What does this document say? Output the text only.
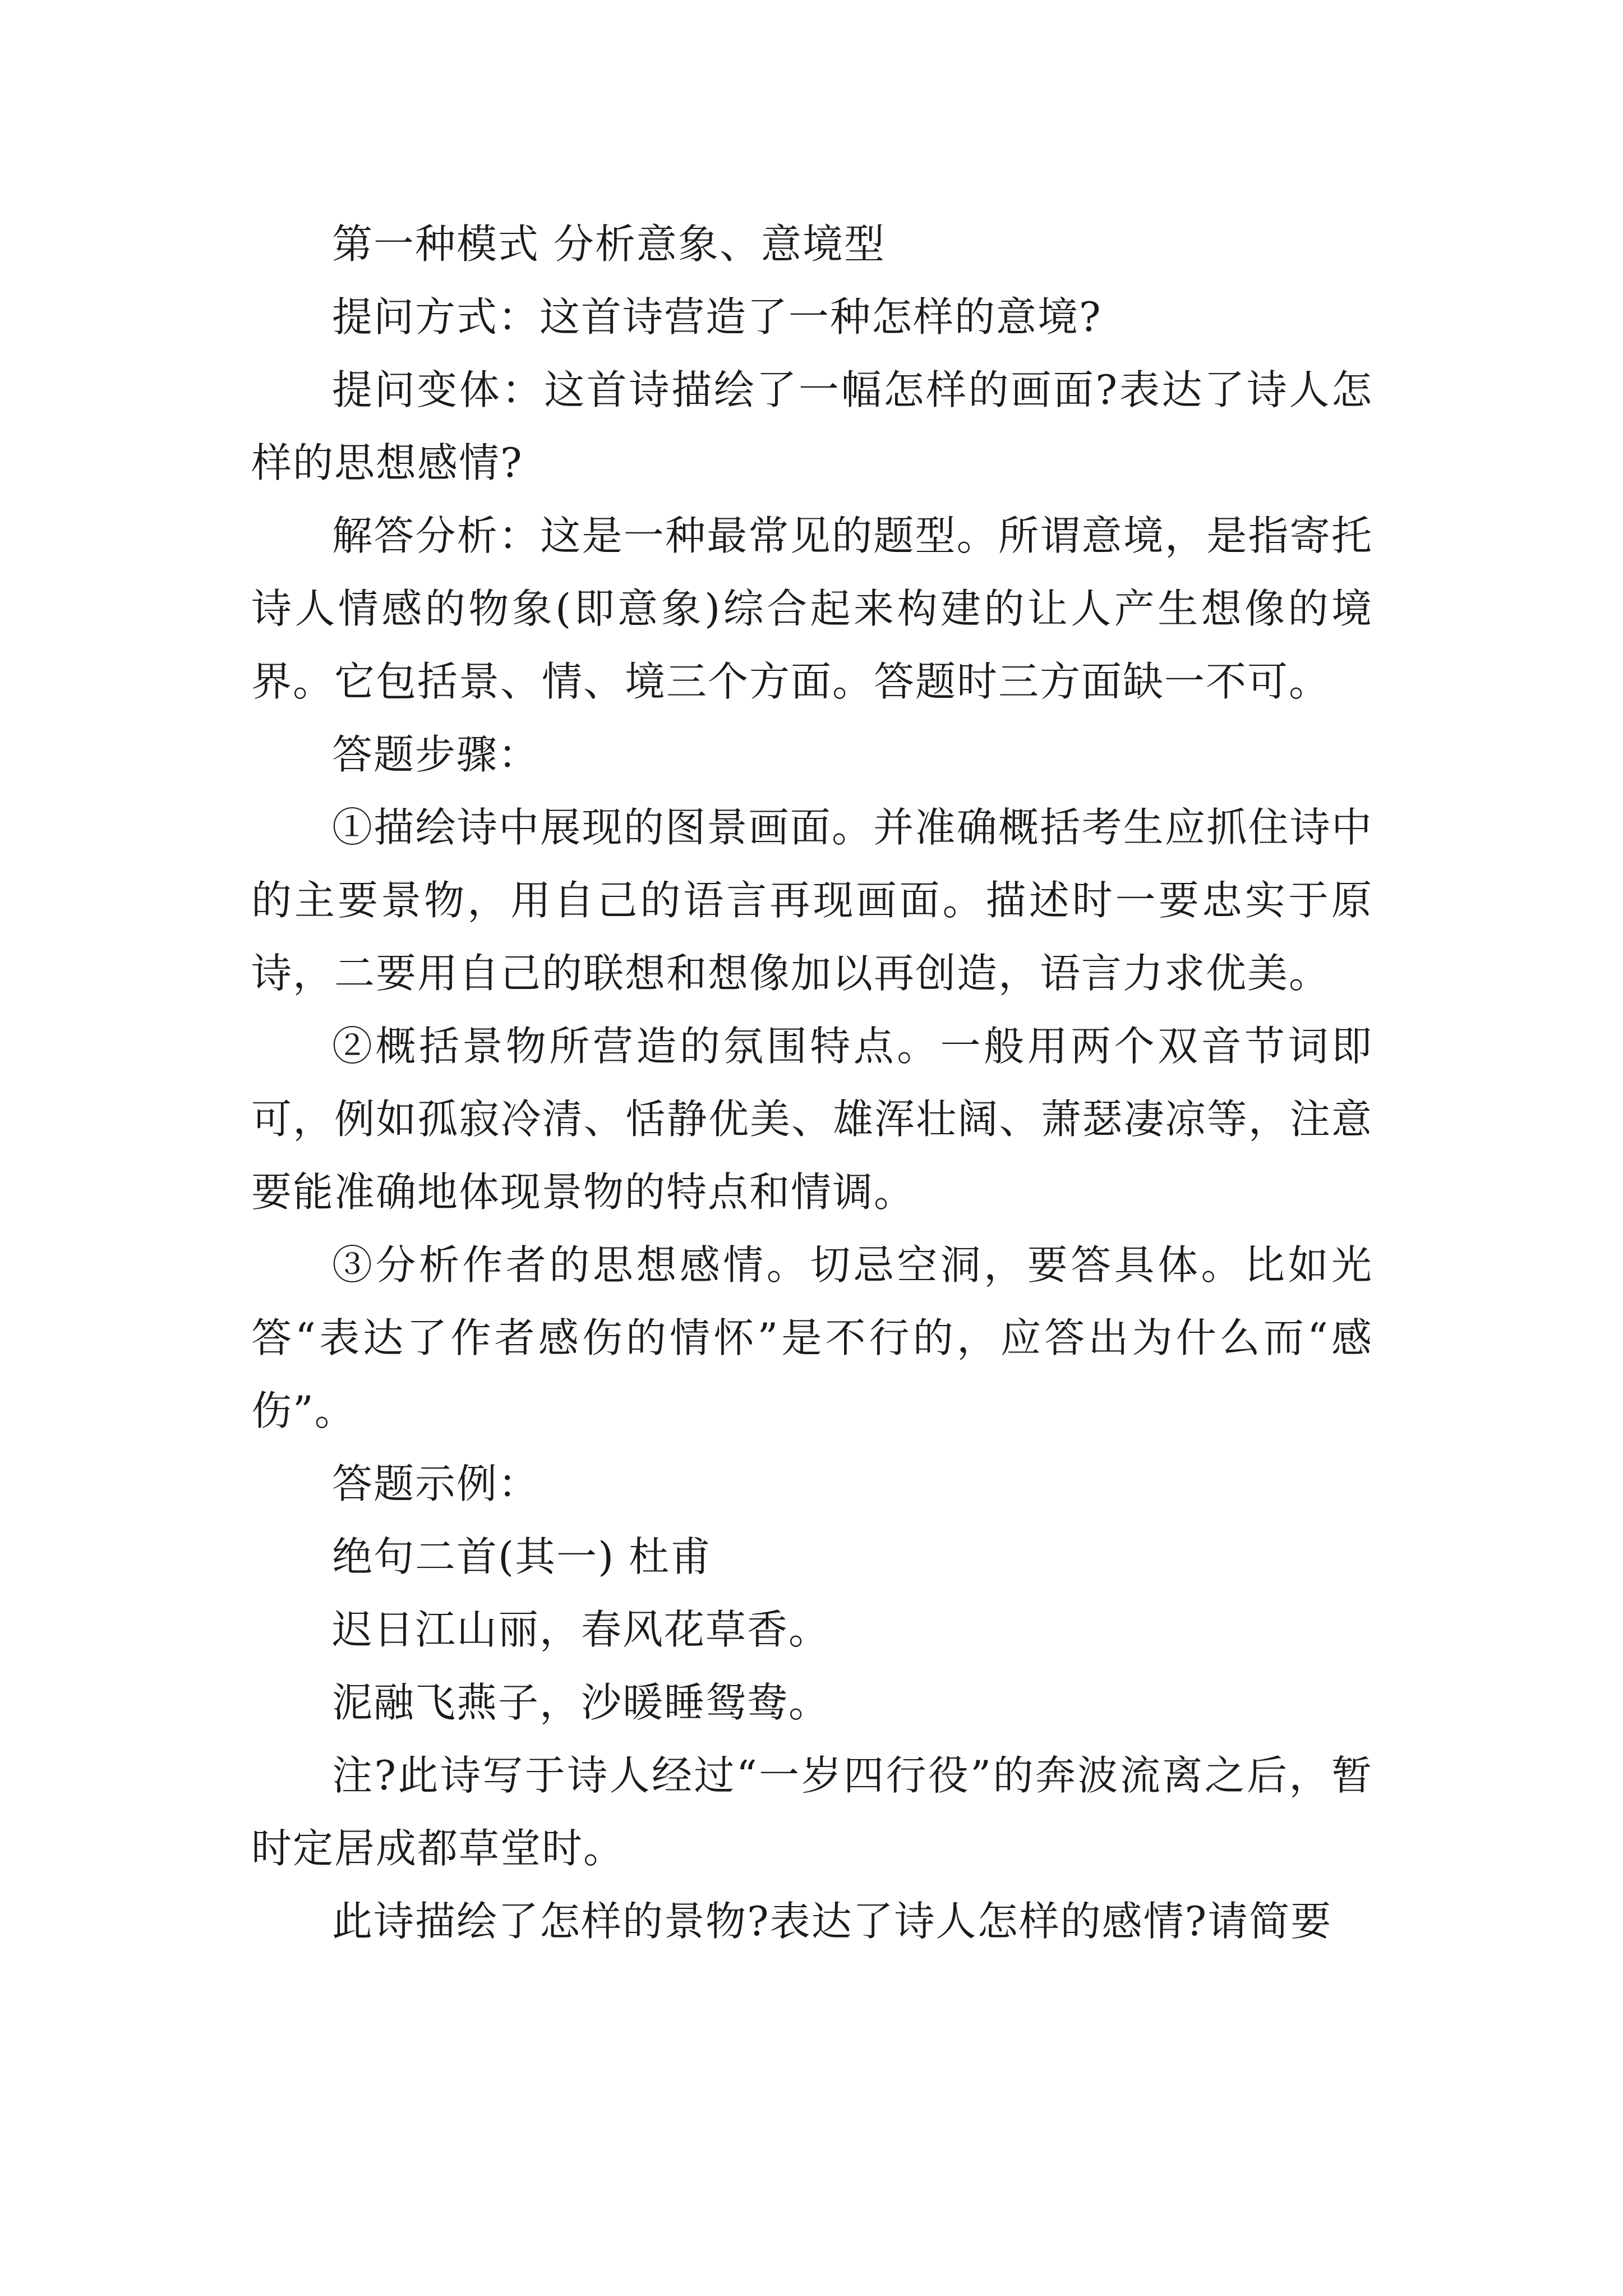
第一种模式 分析意象、意境型

提问方式：这首诗营造了一种怎样的意境?

提问变体：这首诗描绘了一幅怎样的画面?表达了诗人怎样的思想感情?

解答分析：这是一种最常见的题型。所谓意境，是指寄托诗人情感的物象(即意象)综合起来构建的让人产生想像的境界。它包括景、情、境三个方面。答题时三方面缺一不可。

答题步骤：

①描绘诗中展现的图景画面。并准确概括考生应抓住诗中的主要景物，用自己的语言再现画面。描述时一要忠实于原诗，二要用自己的联想和想像加以再创造，语言力求优美。

②概括景物所营造的氛围特点。一般用两个双音节词即可，例如孤寂冷清、恬静优美、雄浑壮阔、萧瑟凄凉等，注意要能准确地体现景物的特点和情调。

③分析作者的思想感情。切忌空洞，要答具体。比如光答“表达了作者感伤的情怀”是不行的，应答出为什么而“感伤”。

答题示例：

绝句二首(其一) 杜甫

迟日江山丽，春风花草香。

泥融飞燕子，沙暖睡鸳鸯。

注?此诗写于诗人经过“一岁四行役”的奔波流离之后，暂时定居成都草堂时。

此诗描绘了怎样的景物?表达了诗人怎样的感情?请简要
